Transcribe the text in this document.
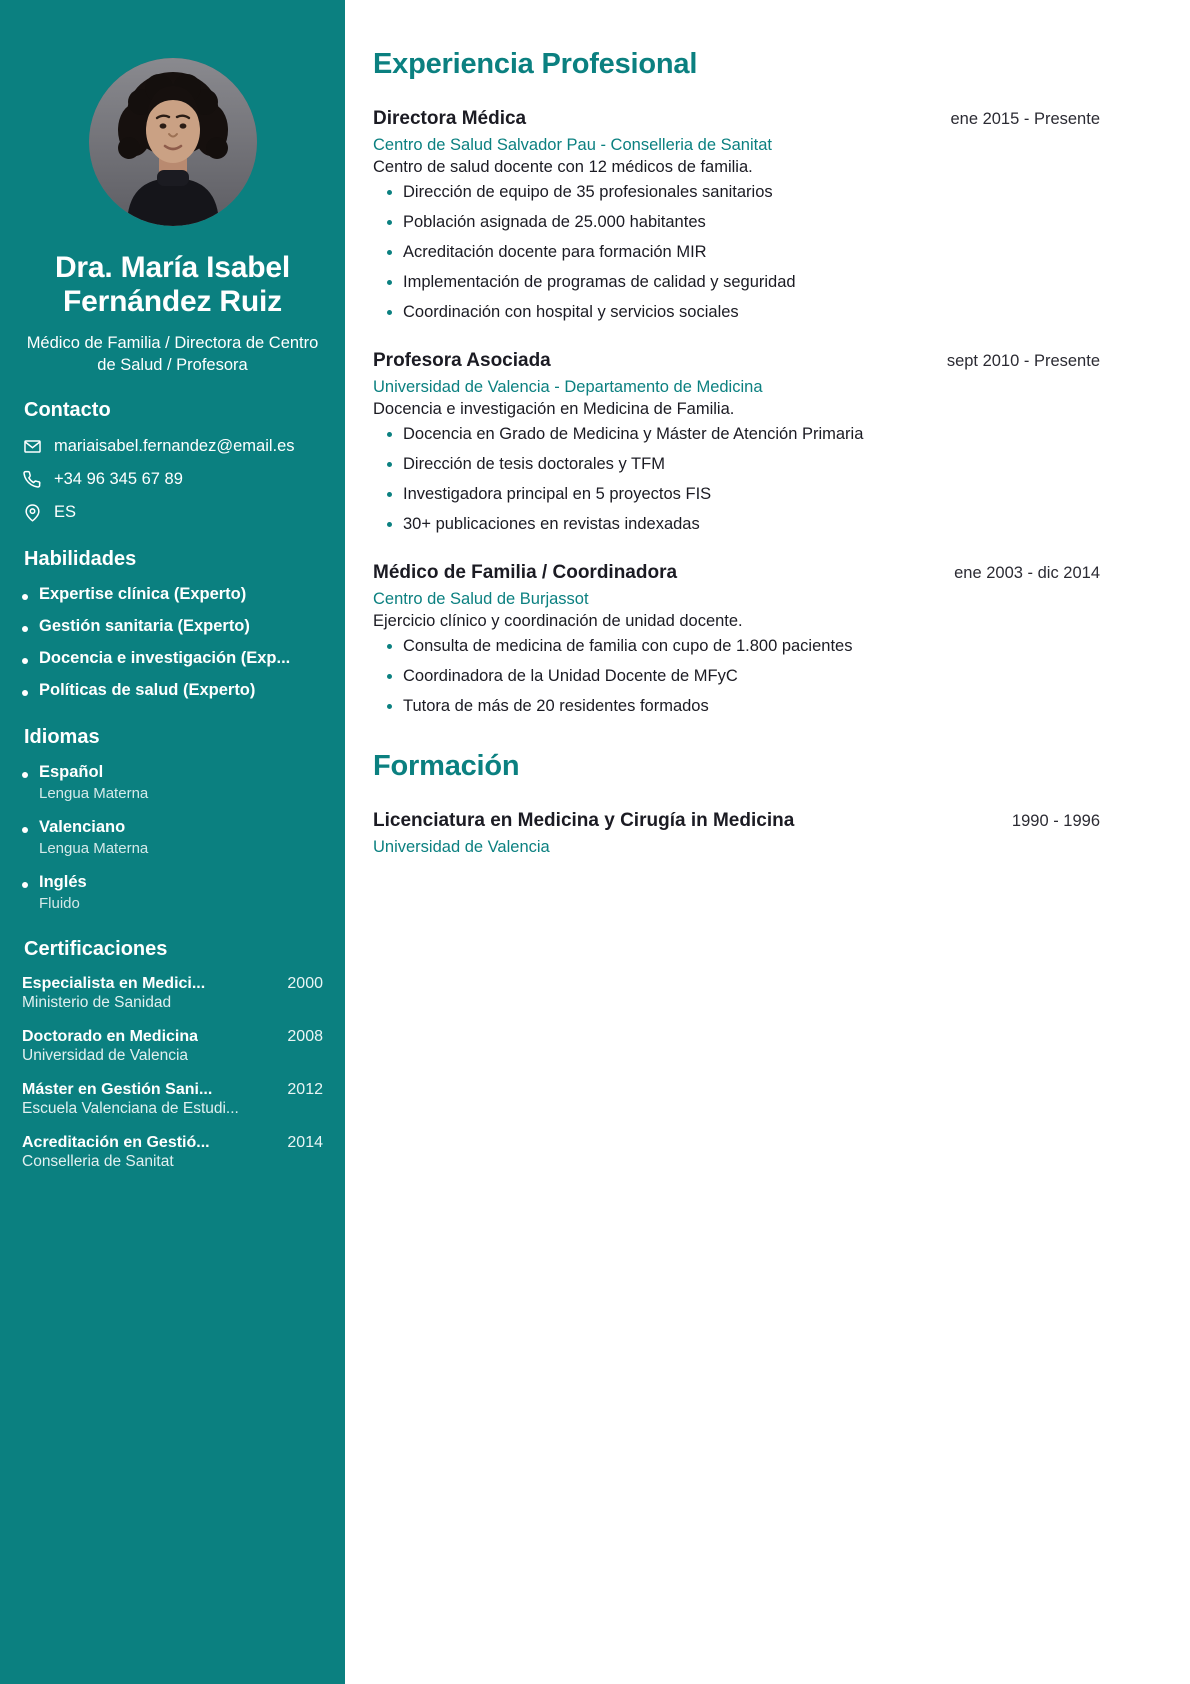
Dra. María Isabel Fernández Ruiz
Médico de Familia / Directora de Centro de Salud / Profesora
Contacto
mariaisabel.fernandez@email.es
+34 96 345 67 89
ES
Habilidades
Expertise clínica (Experto)
Gestión sanitaria (Experto)
Docencia e investigación (Exp...
Políticas de salud (Experto)
Idiomas
Español
Lengua Materna
Valenciano
Lengua Materna
Inglés
Fluido
Certificaciones
Especialista en Medici...	2000
Ministerio de Sanidad
Doctorado en Medicina	2008
Universidad de Valencia
Máster en Gestión Sani...	2012
Escuela Valenciana de Estudi...
Acreditación en Gestió...	2014
Conselleria de Sanitat
Experiencia Profesional
Directora Médica	ene 2015 - Presente
Centro de Salud Salvador Pau - Conselleria de Sanitat
Centro de salud docente con 12 médicos de familia.
Dirección de equipo de 35 profesionales sanitarios
Población asignada de 25.000 habitantes
Acreditación docente para formación MIR
Implementación de programas de calidad y seguridad
Coordinación con hospital y servicios sociales
Profesora Asociada	sept 2010 - Presente
Universidad de Valencia - Departamento de Medicina
Docencia e investigación en Medicina de Familia.
Docencia en Grado de Medicina y Máster de Atención Primaria
Dirección de tesis doctorales y TFM
Investigadora principal en 5 proyectos FIS
30+ publicaciones en revistas indexadas
Médico de Familia / Coordinadora	ene 2003 - dic 2014
Centro de Salud de Burjassot
Ejercicio clínico y coordinación de unidad docente.
Consulta de medicina de familia con cupo de 1.800 pacientes
Coordinadora de la Unidad Docente de MFyC
Tutora de más de 20 residentes formados
Formación
Licenciatura en Medicina y Cirugía in Medicina	1990 - 1996
Universidad de Valencia
